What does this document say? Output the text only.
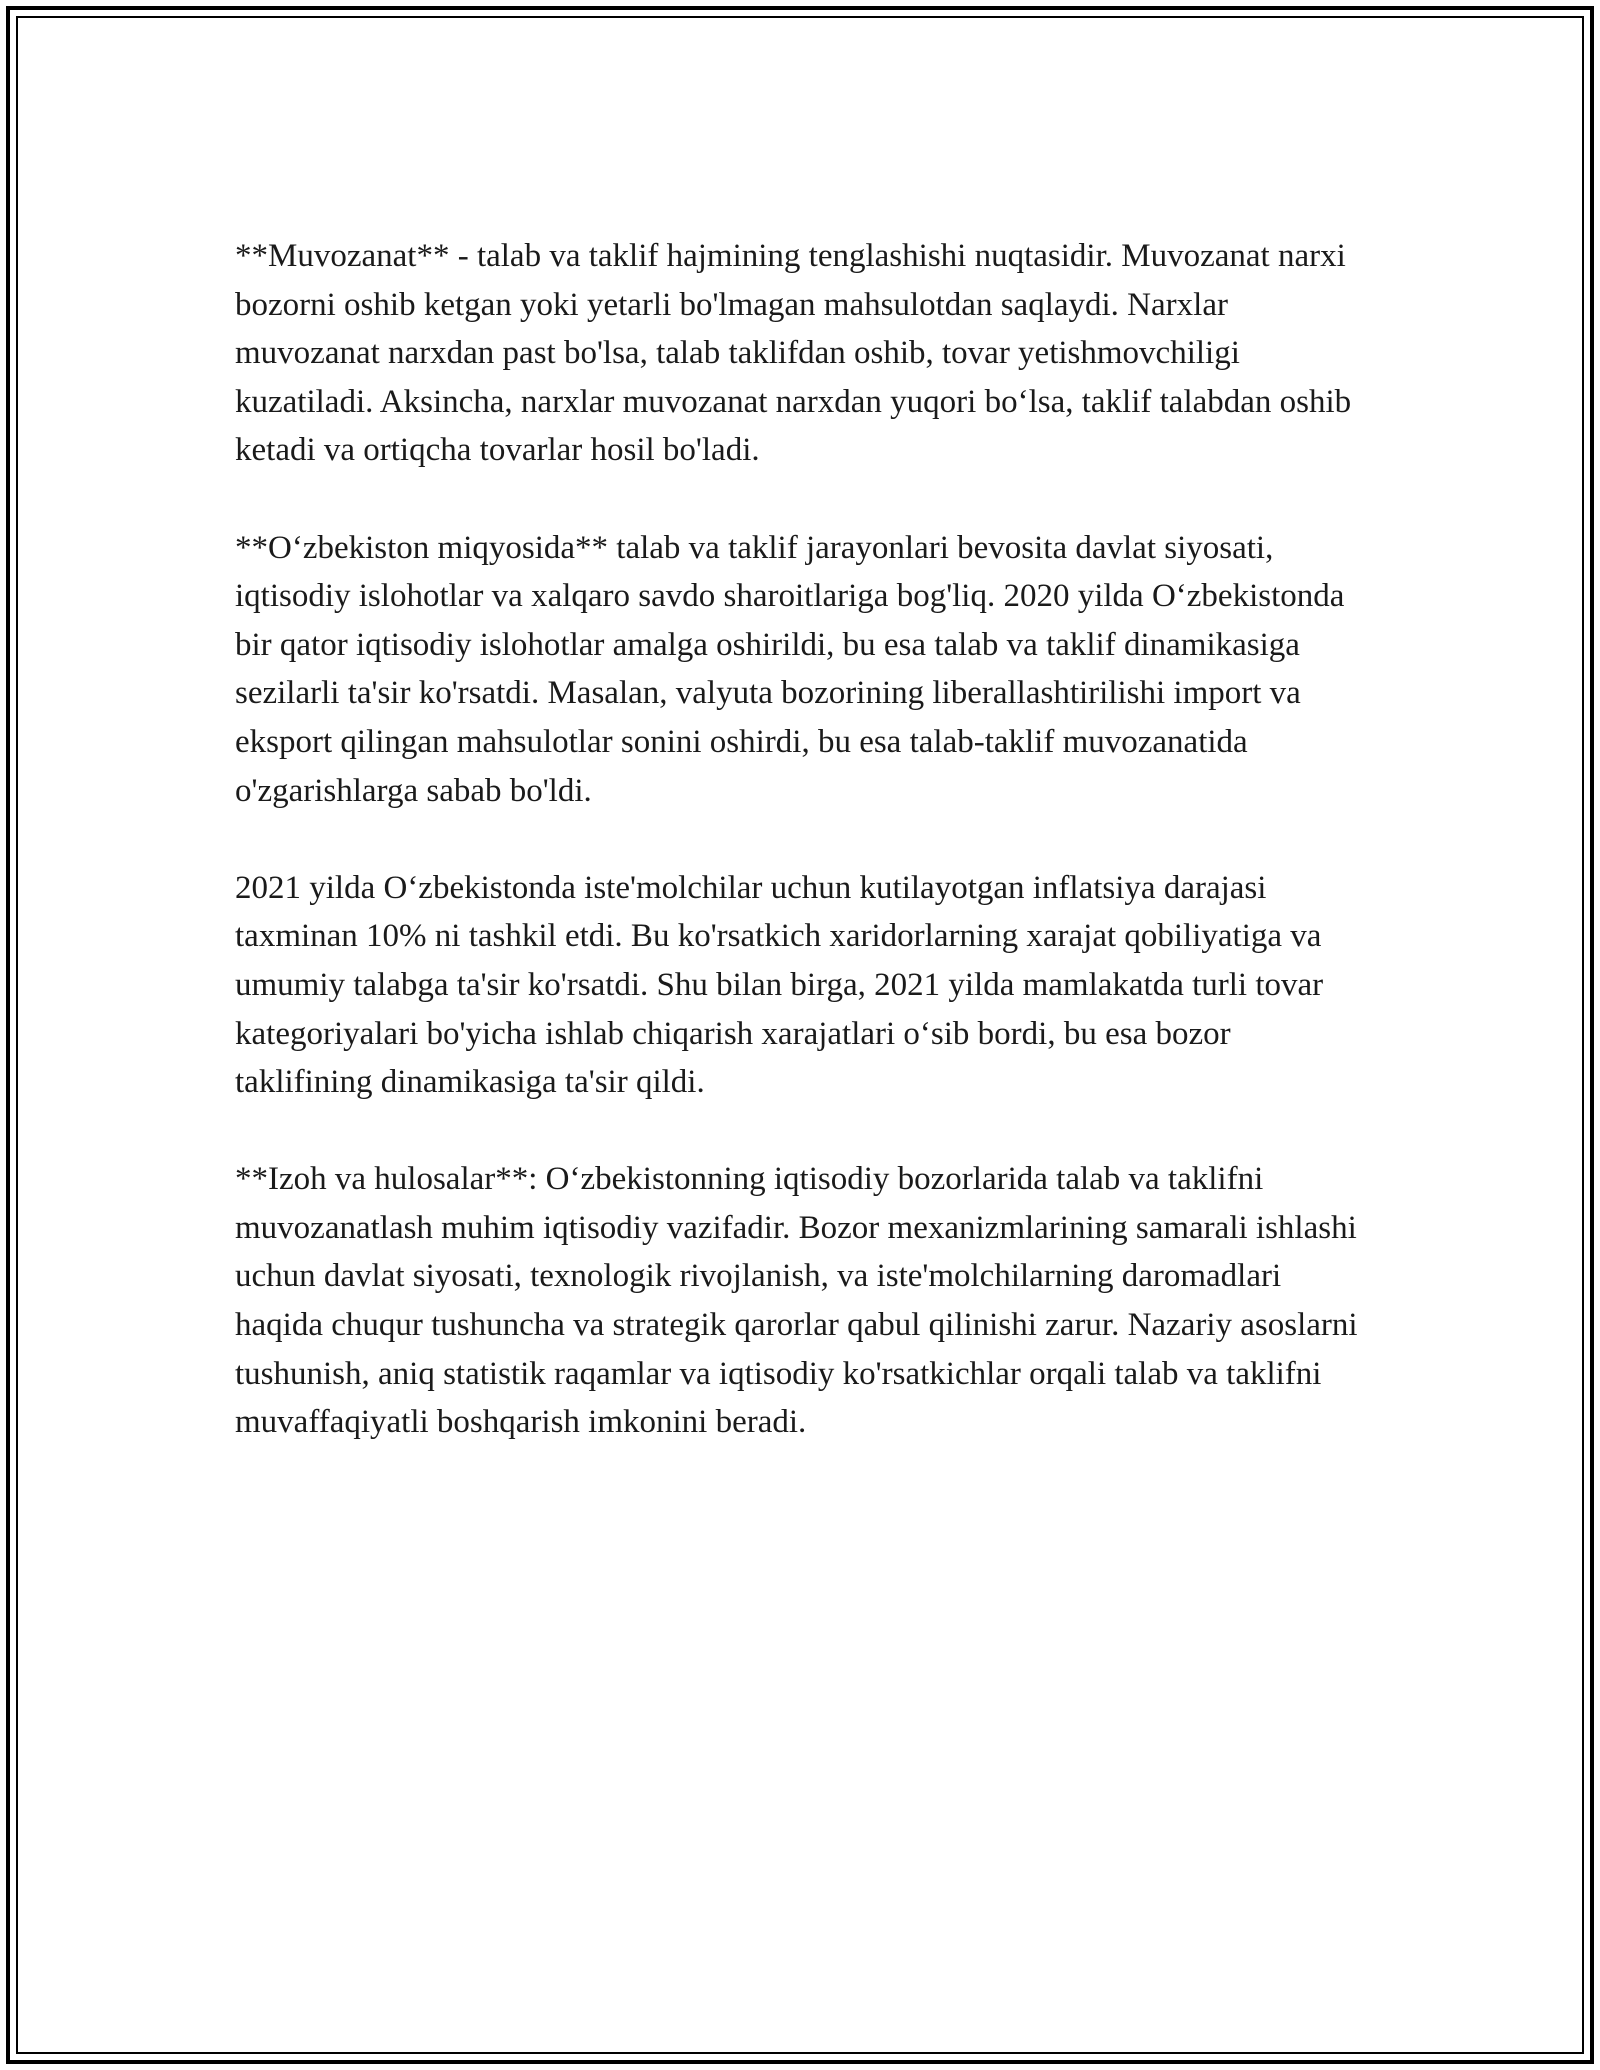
**Muvozanat** - talab va taklif hajmining tenglashishi nuqtasidir. Muvozanat narxi bozorni oshib ketgan yoki yetarli bo'lmagan mahsulotdan saqlaydi. Narxlar muvozanat narxdan past bo'lsa, talab taklifdan oshib, tovar yetishmovchiligi kuzatiladi. Aksincha, narxlar muvozanat narxdan yuqori bo‘lsa, taklif talabdan oshib ketadi va ortiqcha tovarlar hosil bo'ladi.

**O‘zbekiston miqyosida** talab va taklif jarayonlari bevosita davlat siyosati, iqtisodiy islohotlar va xalqaro savdo sharoitlariga bog'liq. 2020 yilda O‘zbekistonda bir qator iqtisodiy islohotlar amalga oshirildi, bu esa talab va taklif dinamikasiga sezilarli ta'sir ko'rsatdi. Masalan, valyuta bozorining liberallashtirilishi import va eksport qilingan mahsulotlar sonini oshirdi, bu esa talab-taklif muvozanatida o'zgarishlarga sabab bo'ldi.

2021 yilda O‘zbekistonda iste'molchilar uchun kutilayotgan inflatsiya darajasi taxminan 10% ni tashkil etdi. Bu ko'rsatkich xaridorlarning xarajat qobiliyatiga va umumiy talabga ta'sir ko'rsatdi. Shu bilan birga, 2021 yilda mamlakatda turli tovar kategoriyalari bo'yicha ishlab chiqarish xarajatlari o‘sib bordi, bu esa bozor taklifining dinamikasiga ta'sir qildi.

**Izoh va hulosalar**: O‘zbekistonning iqtisodiy bozorlarida talab va taklifni muvozanatlash muhim iqtisodiy vazifadir. Bozor mexanizmlarining samarali ishlashi uchun davlat siyosati, texnologik rivojlanish, va iste'molchilarning daromadlari haqida chuqur tushuncha va strategik qarorlar qabul qilinishi zarur. Nazariy asoslarni tushunish, aniq statistik raqamlar va iqtisodiy ko'rsatkichlar orqali talab va taklifni muvaffaqiyatli boshqarish imkonini beradi.
